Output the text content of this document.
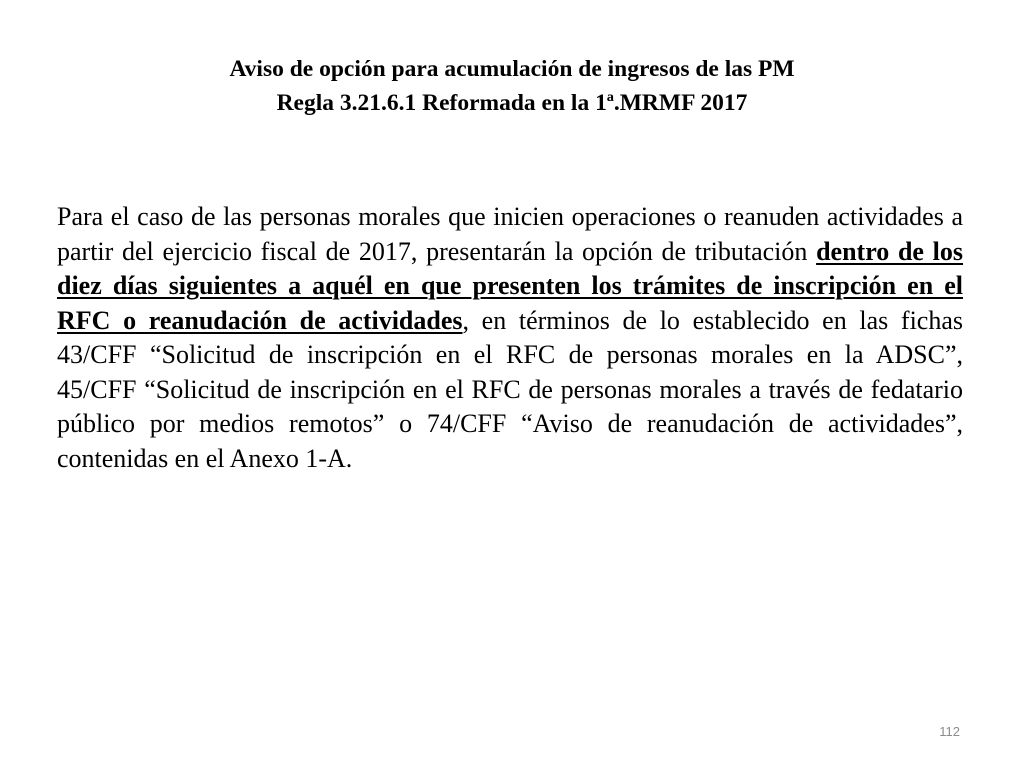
Aviso de opción para acumulación de ingresos de las PM
Regla 3.21.6.1 Reformada en la 1ª.MRMF 2017

Para el caso de las personas morales que inicien operaciones o reanuden actividades a partir del ejercicio fiscal de 2017, presentarán la opción de tributación dentro de los diez días siguientes a aquél en que presenten los trámites de inscripción en el RFC o reanudación de actividades, en términos de lo establecido en las fichas 43/CFF “Solicitud de inscripción en el RFC de personas morales en la ADSC”, 45/CFF “Solicitud de inscripción en el RFC de personas morales a través de fedatario público por medios remotos” o 74/CFF “Aviso de reanudación de actividades”, contenidas en el Anexo 1-A.

112
